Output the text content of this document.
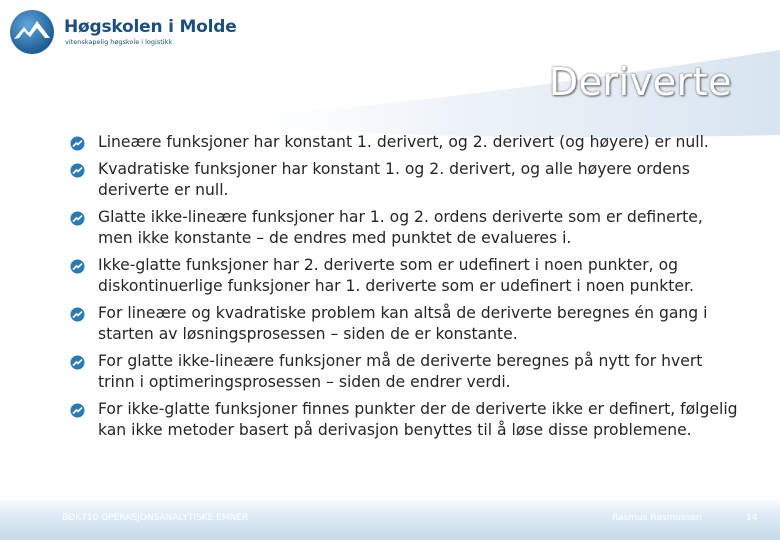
Høgskolen i Molde
vitenskapelig høgskole i logistikk
Deriverte
Lineære funksjoner har konstant 1. derivert, og 2. derivert (og høyere) er null.
Kvadratiske funksjoner har konstant 1. og 2. derivert, og alle høyere ordens deriverte er null.
Glatte ikke-lineære funksjoner har 1. og 2. ordens deriverte som er definerte, men ikke konstante – de endres med punktet de evalueres i.
Ikke-glatte funksjoner har 2. deriverte som er udefinert i noen punkter, og diskontinuerlige funksjoner har 1. deriverte som er udefinert i noen punkter.
For lineære og kvadratiske problem kan altså de deriverte beregnes én gang i starten av løsningsprosessen – siden de er konstante.
For glatte ikke-lineære funksjoner må de deriverte beregnes på nytt for hvert trinn i optimeringsprosessen – siden de endrer verdi.
For ikke-glatte funksjoner finnes punkter der de deriverte ikke er definert, følgelig kan ikke metoder basert på derivasjon benyttes til å løse disse problemene.
BØK710 OPERASJONSANALYTISKE EMNER	Rasmus Rasmussen	14
